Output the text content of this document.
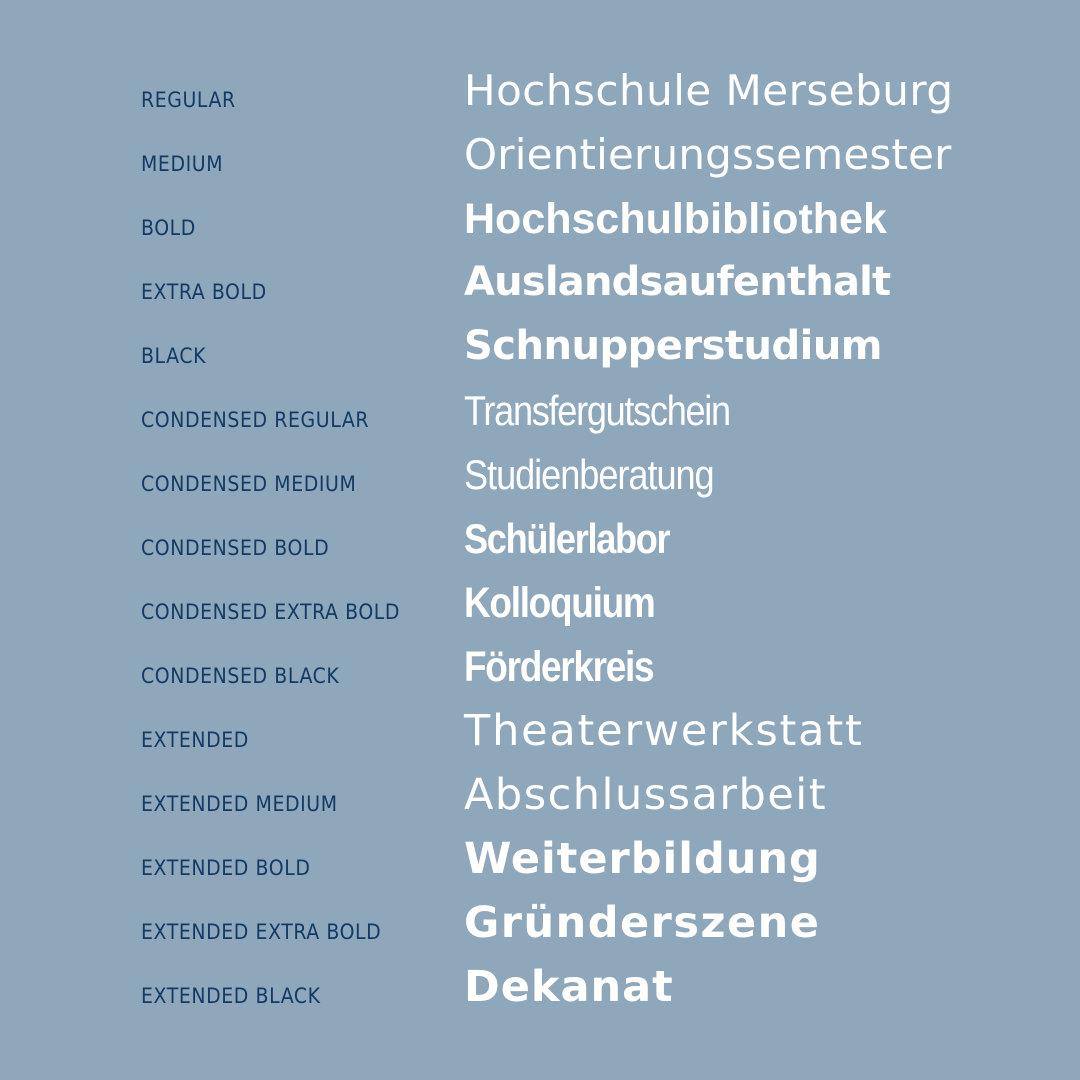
REGULAR	Hochschule Merseburg
MEDIUM	Orientierungssemester
BOLD	Hochschulbibliothek
EXTRA BOLD	Auslandsaufenthalt
BLACK	Schnupperstudium
CONDENSED REGULAR Transfergutschein
CONDENSED MEDIUM	Studienberatung
CONDENSED BOLD	Schülerlabor
CONDENSED EXTRA BOLD Kolloquium
CONDENSED BLACK	Förderkreis
EXTENDED	Theaterwerkstatt
EXTENDED MEDIUM	Abschlussarbeit
EXTENDED BOLD	Weiterbildung
EXTENDED EXTRA BOLD Gründerszene
EXTENDED BLACK	Dekanat
